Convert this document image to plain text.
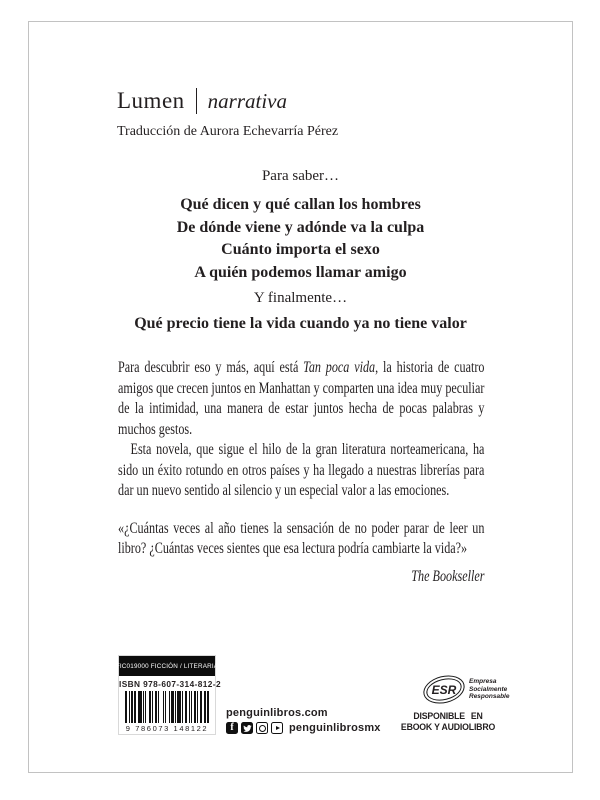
Lumen narrativa
Traducción de Aurora Echevarría Pérez
Para saber…
Qué dicen y qué callan los hombres
De dónde viene y adónde va la culpa
Cuánto importa el sexo
A quién podemos llamar amigo
Y finalmente…
Qué precio tiene la vida cuando ya no tiene valor

Para descubrir eso y más, aquí está Tan poca vida, la historia de cuatro amigos que crecen juntos en Manhattan y comparten una idea muy peculiar de la intimidad, una manera de estar juntos hecha de pocas palabras y muchos gestos.

Esta novela, que sigue el hilo de la gran literatura norteamericana, ha sido un éxito rotundo en otros países y ha llegado a nuestras librerías para dar un nuevo sentido al silencio y un especial valor a las emociones.

«¿Cuántas veces al año tienes la sensación de no poder parar de leer un libro? ¿Cuántas veces sientes que esa lectura podría cambiarte la vida?»

The Bookseller

FIC019000 FICCIÓN / LITERARIA
ISBN 978-607-314-812-2
9 786073 148122
penguinlibros.com
f	penguinlibrosmx
ESR
Empresa
Socialmente
Responsable
DISPONIBLE EN
EBOOK Y AUDIOLIBRO
